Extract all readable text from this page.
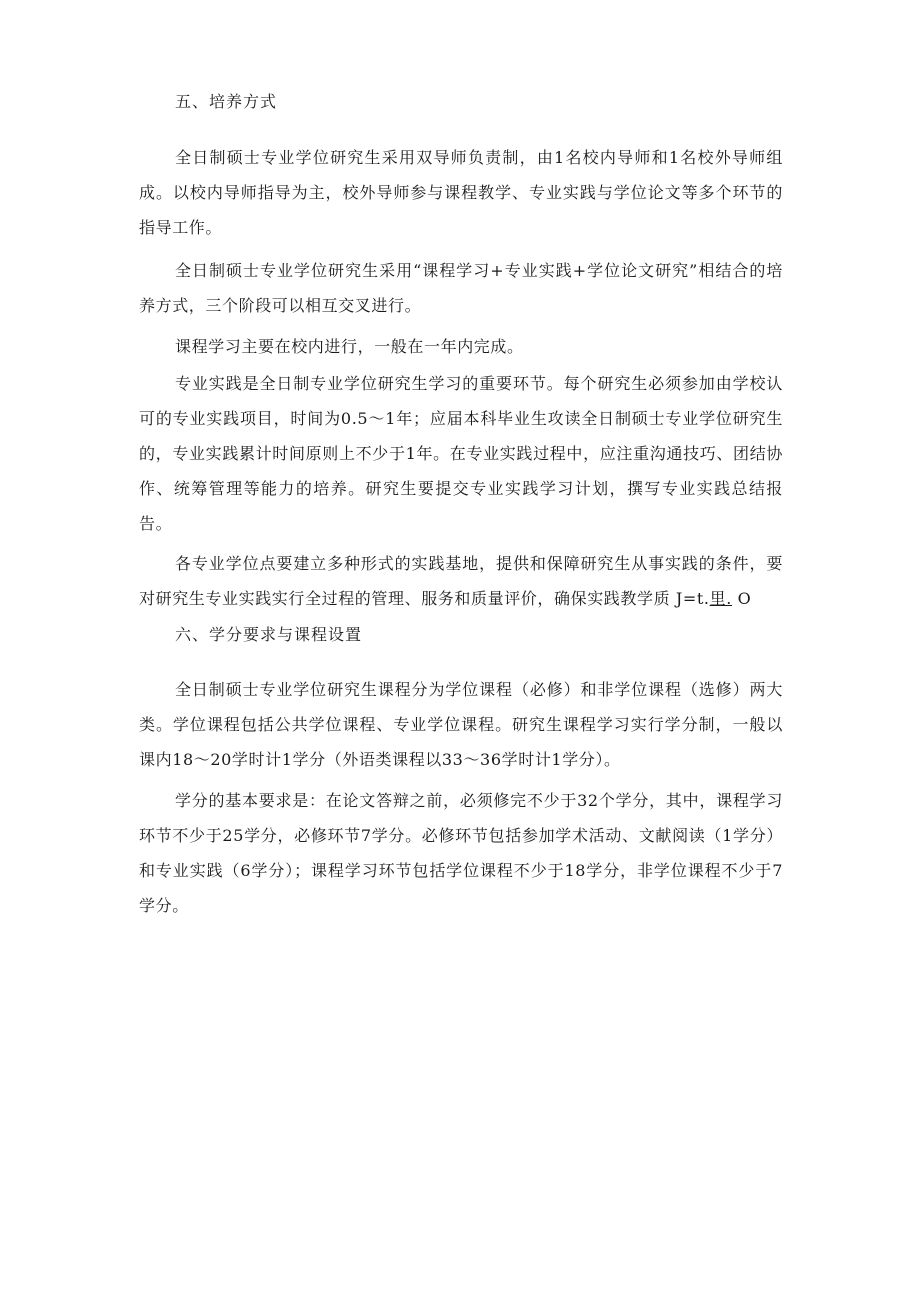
五、培养方式

全日制硕士专业学位研究生采用双导师负责制，由1名校内导师和1名校外导师组成。以校内导师指导为主，校外导师参与课程教学、专业实践与学位论文等多个环节的指导工作。

全日制硕士专业学位研究生采用“课程学习+专业实践+学位论文研究”相结合的培养方式，三个阶段可以相互交叉进行。

课程学习主要在校内进行，一般在一年内完成。

专业实践是全日制专业学位研究生学习的重要环节。每个研究生必须参加由学校认可的专业实践项目，时间为0.5～1年；应届本科毕业生攻读全日制硕士专业学位研究生的，专业实践累计时间原则上不少于1年。在专业实践过程中，应注重沟通技巧、团结协作、统筹管理等能力的培养。研究生要提交专业实践学习计划，撰写专业实践总结报告。

各专业学位点要建立多种形式的实践基地，提供和保障研究生从事实践的条件，要对研究生专业实践实行全过程的管理、服务和质量评价，确保实践教学质 J=t.里. O

六、学分要求与课程设置

全日制硕士专业学位研究生课程分为学位课程（必修）和非学位课程（选修）两大类。学位课程包括公共学位课程、专业学位课程。研究生课程学习实行学分制，一般以课内18～20学时计1学分（外语类课程以33～36学时计1学分）。

学分的基本要求是：在论文答辩之前，必须修完不少于32个学分，其中，课程学习环节不少于25学分，必修环节7学分。必修环节包括参加学术活动、文献阅读（1学分）和专业实践（6学分）；课程学习环节包括学位课程不少于18学分，非学位课程不少于7学分。
